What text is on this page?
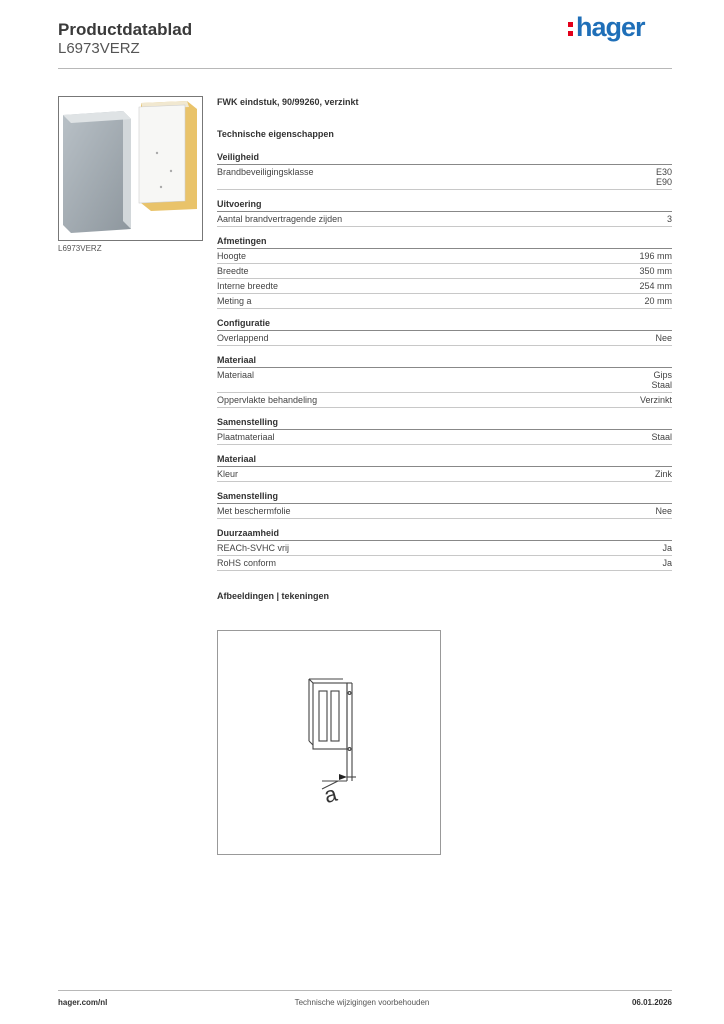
Productdatablad
L6973VERZ
hager
L6973VERZ
FWK eindstuk, 90/99260, verzinkt
Technische eigenschappen
Veiligheid
Brandbeveiligingsklasse	E30
E90
Uitvoering
Aantal brandvertragende zijden	3
Afmetingen
Hoogte	196 mm
Breedte	350 mm
Interne breedte	254 mm
Meting a	20 mm
Configuratie
Overlappend	Nee
Materiaal
Materiaal	Gips
Staal
Oppervlakte behandeling	Verzinkt
Samenstelling
Plaatmateriaal	Staal
Materiaal
Kleur	Zink
Samenstelling
Met beschermfolie	Nee
Duurzaamheid
REACh-SVHC vrij	Ja
RoHS conform	Ja
Afbeeldingen | tekeningen
a
hager.com/nl	Technische wijzigingen voorbehouden	06.01.2026
